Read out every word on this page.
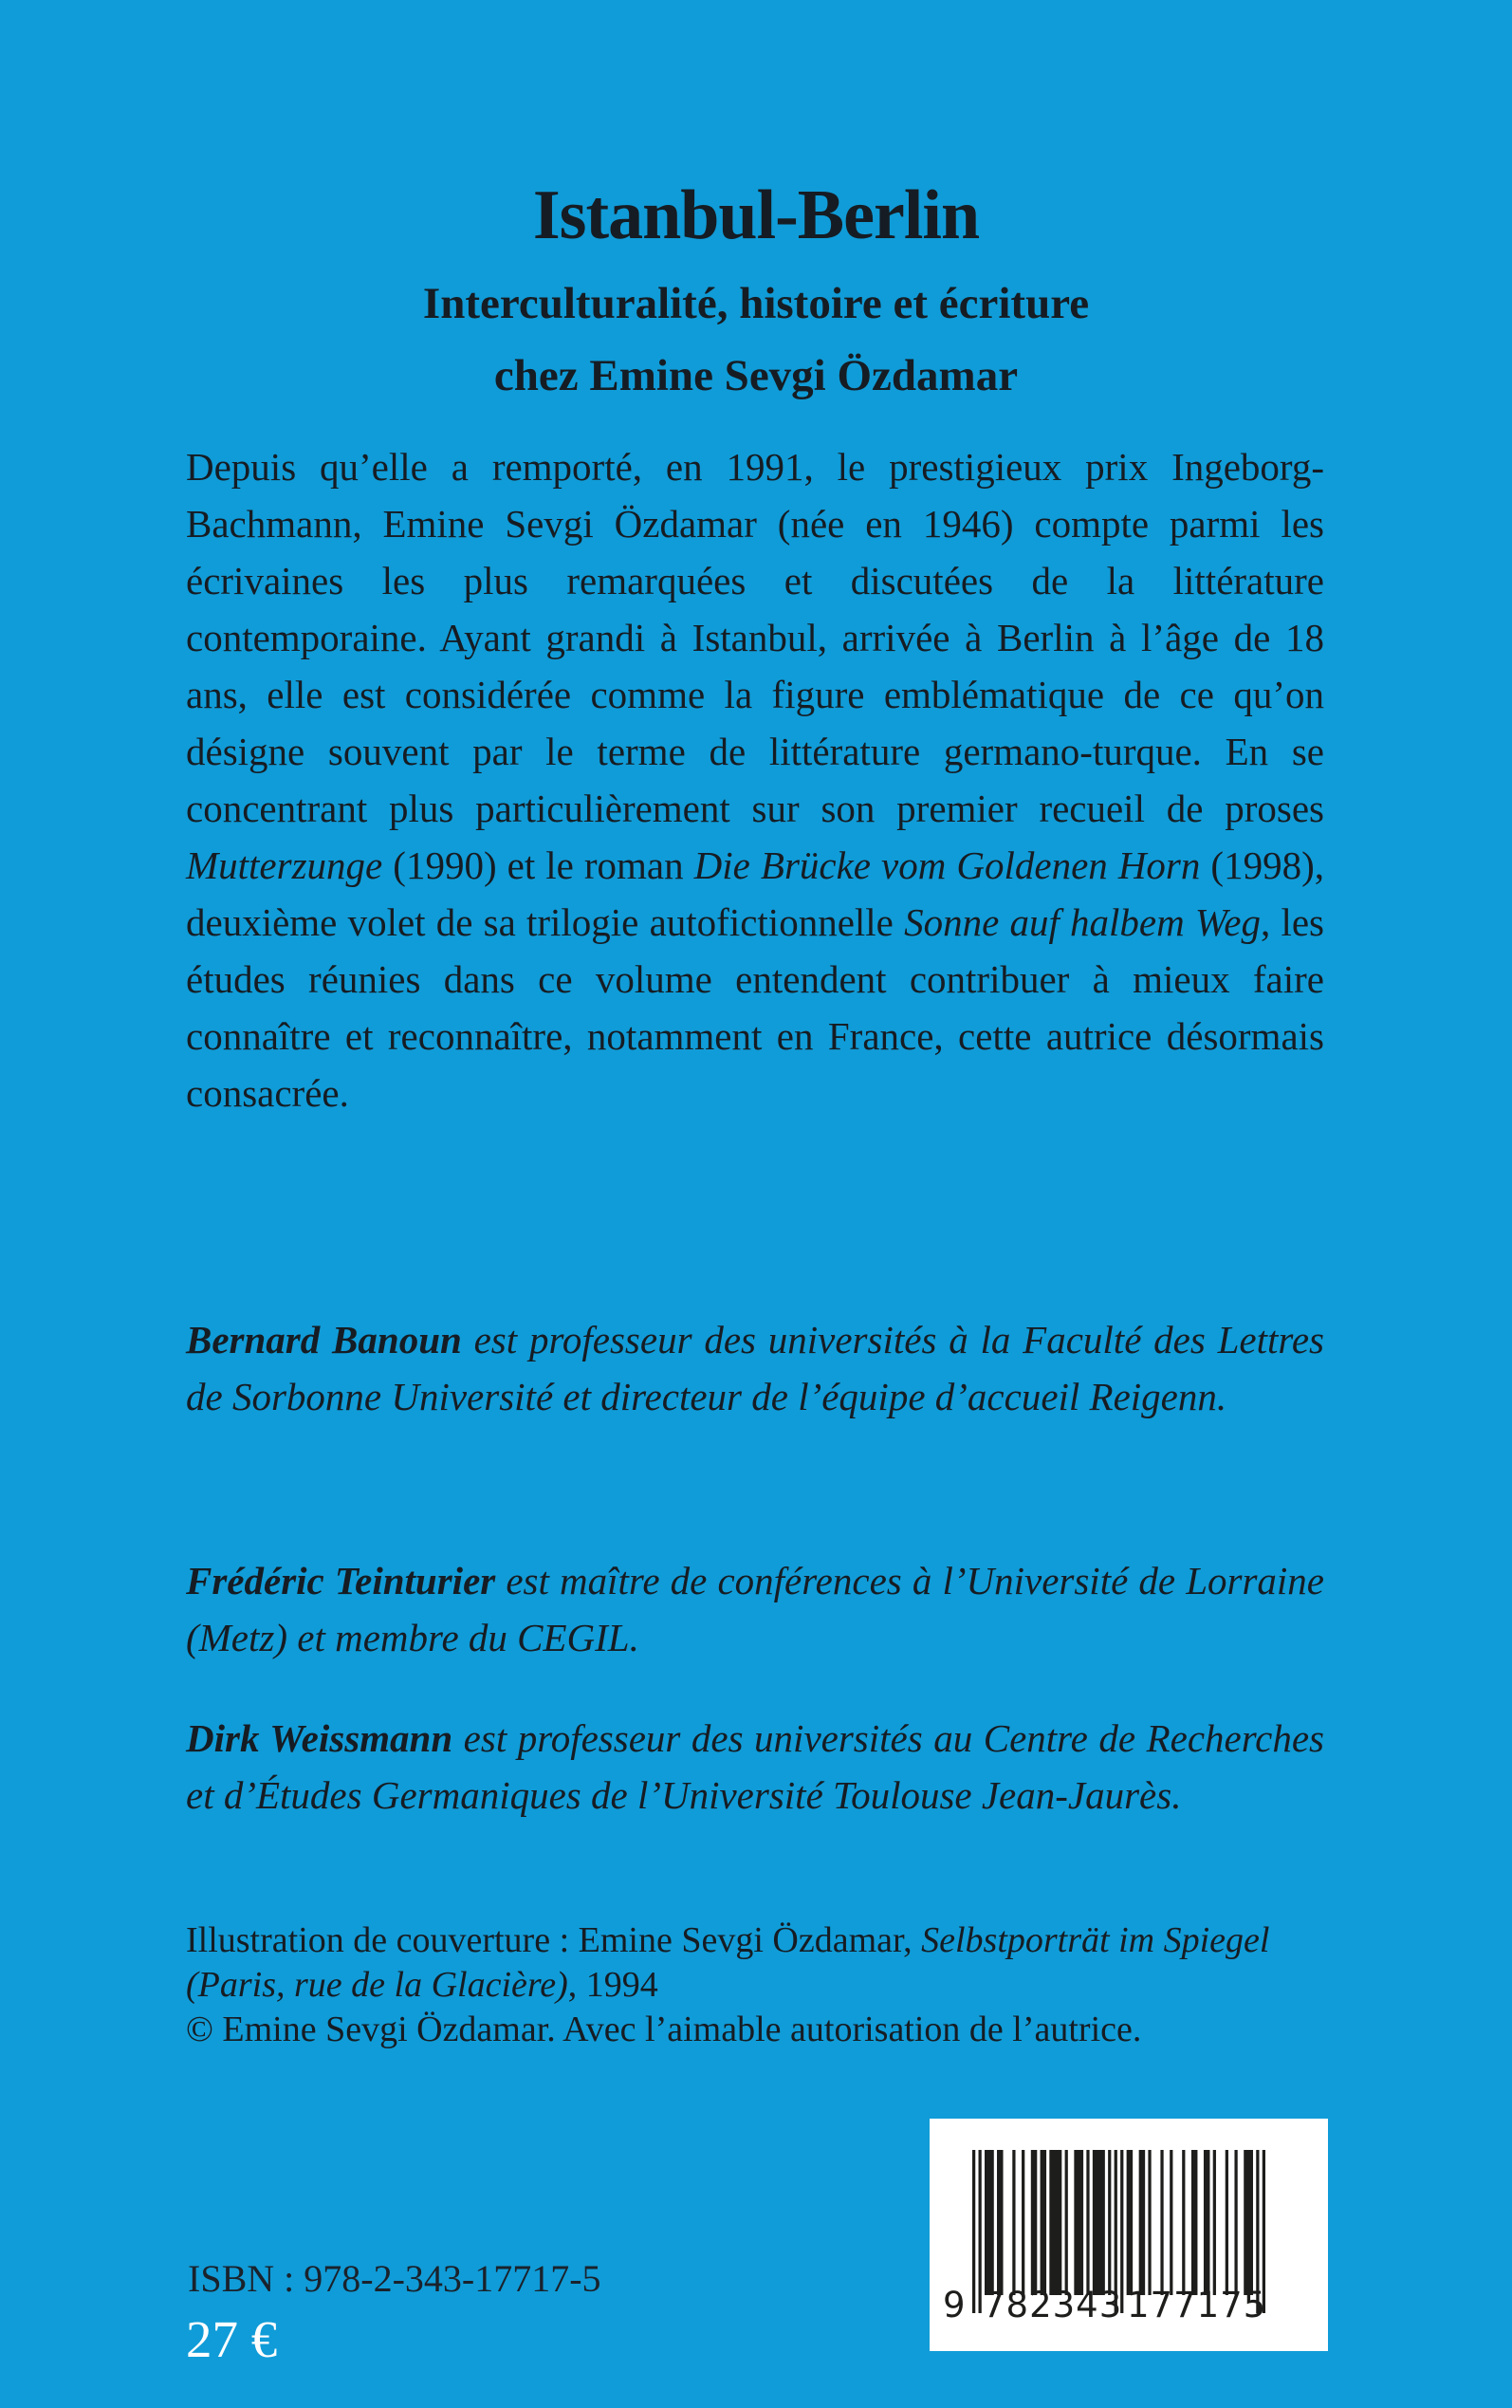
Istanbul-Berlin
Interculturalité, histoire et écriture
chez Emine Sevgi Özdamar

Depuis qu’elle a remporté, en 1991, le prestigieux prix Ingeborg-Bachmann, Emine Sevgi Özdamar (née en 1946) compte parmi les écrivaines les plus remarquées et discutées de la littérature contemporaine. Ayant grandi à Istanbul, arrivée à Berlin à l’âge de 18 ans, elle est considérée comme la figure emblématique de ce qu’on désigne souvent par le terme de littérature germano-turque. En se concentrant plus particulièrement sur son premier recueil de proses Mutterzunge (1990) et le roman Die Brücke vom Goldenen Horn (1998), deuxième volet de sa trilogie autofictionnelle Sonne auf halbem Weg, les études réunies dans ce volume entendent contribuer à mieux faire connaître et reconnaître, notamment en France, cette autrice désormais consacrée.

Bernard Banoun est professeur des universités à la Faculté des Lettres de Sorbonne Université et directeur de l’équipe d’accueil Reigenn.

Frédéric Teinturier est maître de conférences à l’Université de Lorraine (Metz) et membre du CEGIL.

Dirk Weissmann est professeur des universités au Centre de Recherches et d’Études Germaniques de l’Université Toulouse Jean-Jaurès.

Illustration de couverture : Emine Sevgi Özdamar, Selbstporträt im Spiegel
(Paris, rue de la Glacière), 1994
© Emine Sevgi Özdamar. Avec l’aimable autorisation de l’autrice.
ISBN : 978-2-343-17717-5
27 €
9 782343 177175
